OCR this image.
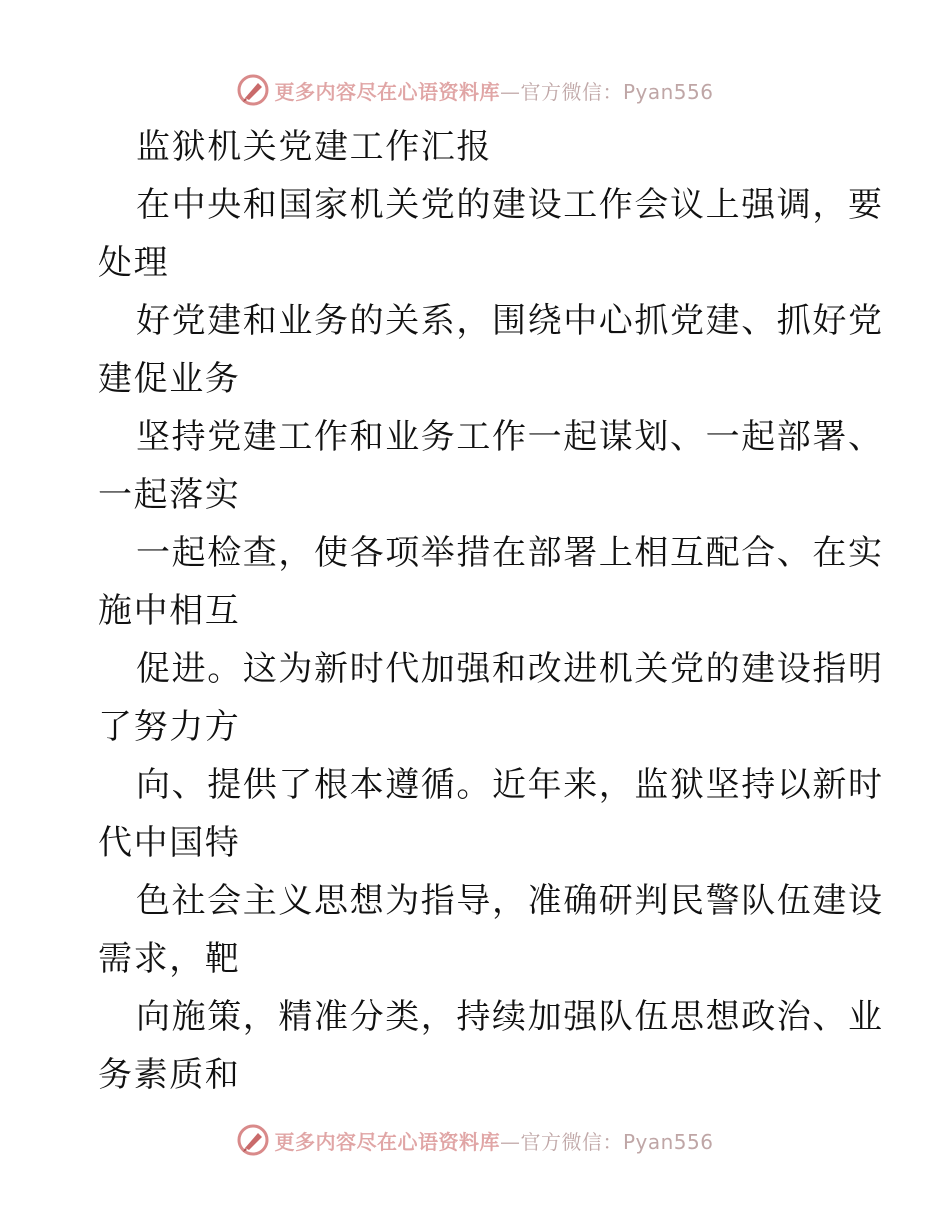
更多内容尽在心语资料库—官方微信：Pyan556
监狱机关党建工作汇报
在中央和国家机关党的建设工作会议上强调，要
处理
好党建和业务的关系，围绕中心抓党建、抓好党
建促业务
坚持党建工作和业务工作一起谋划、一起部署、
一起落实
一起检查，使各项举措在部署上相互配合、在实
施中相互
促进。这为新时代加强和改进机关党的建设指明
了努力方
向、提供了根本遵循。近年来，监狱坚持以新时
代中国特
色社会主义思想为指导，准确研判民警队伍建设
需求，靶
向施策，精准分类，持续加强队伍思想政治、业
务素质和
更多内容尽在心语资料库—官方微信：Pyan556
